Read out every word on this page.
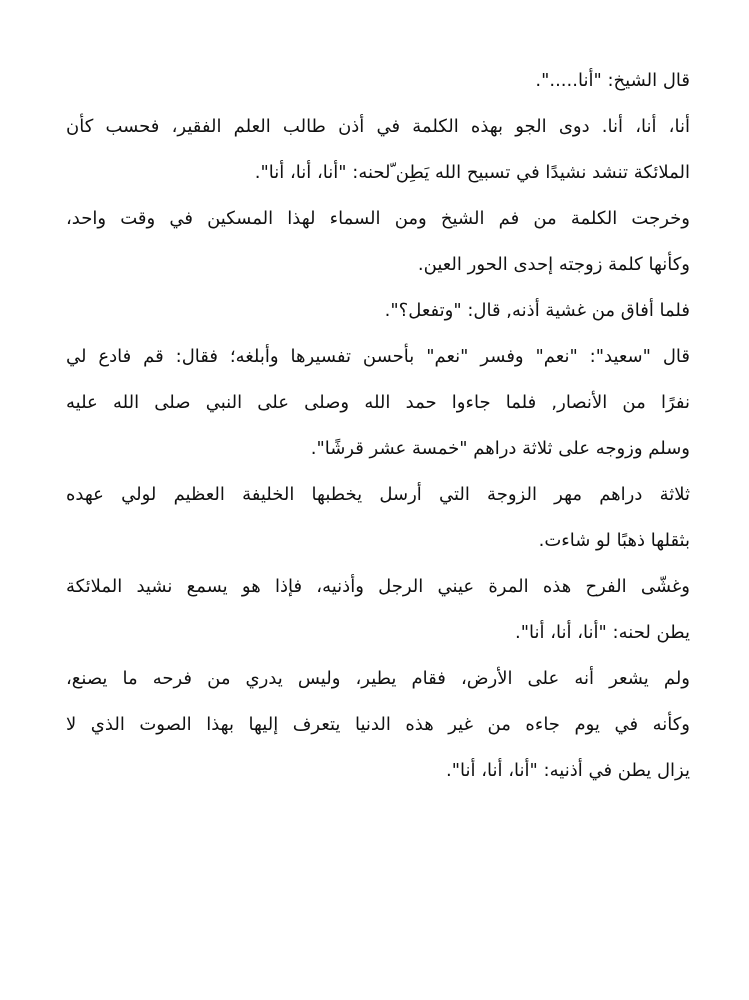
قال الشيخ: "أنا.....".
أنا، أنا، أنا. دوى الجو بهذه الكلمة في أذن طالب العلم الفقير، فحسب كأن
الملائكة تنشد نشيدًا في تسبيح الله يَطِن ّلحنه: "أنا، أنا، أنا".
وخرجت الكلمة من فم الشيخ ومن السماء لهذا المسكين في وقت واحد،
وكأنها كلمة زوجته إحدى الحور العين.
فلما أفاق من غشية أذنه, قال: "وتفعل؟".
قال "سعيد": "نعم" وفسر "نعم" بأحسن تفسيرها وأبلغه؛ فقال: قم فادع لي
نفرًا من الأنصار, فلما جاءوا حمد الله وصلى على النبي صلى الله عليه
وسلم وزوجه على ثلاثة دراهم "خمسة عشر قرشًا".
ثلاثة دراهم مهر الزوجة التي أرسل يخطبها الخليفة العظيم لولي عهده
بثقلها ذهبًا لو شاءت.
وغشّى الفرح هذه المرة عيني الرجل وأذنيه، فإذا هو يسمع نشيد الملائكة
يطن لحنه: "أنا، أنا، أنا".
ولم يشعر أنه على الأرض، فقام يطير، وليس يدري من فرحه ما يصنع،
وكأنه في يوم جاءه من غير هذه الدنيا يتعرف إليها بهذا الصوت الذي لا
يزال يطن في أذنيه: "أنا، أنا، أنا".
